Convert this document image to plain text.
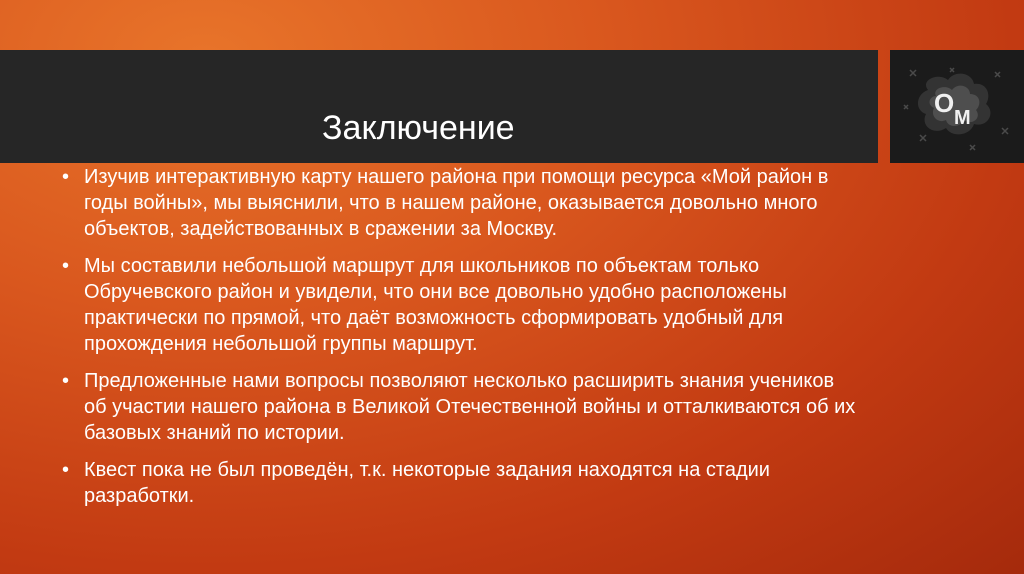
Заключение
O M
• Изучив интерактивную карту нашего района при помощи ресурса «Мой район в годы войны», мы выяснили, что в нашем районе, оказывается довольно много объектов, задействованных в сражении за Москву.
• Мы составили небольшой маршрут для школьников по объектам только Обручевского район и увидели, что они все довольно удобно расположены практически по прямой, что даёт возможность сформировать удобный для прохождения небольшой группы маршрут.
• Предложенные нами вопросы позволяют несколько расширить знания учеников об участии нашего района в Великой Отечественной войны и отталкиваются об их базовых знаний по истории.
• Квест пока не был проведён, т.к. некоторые задания находятся на стадии разработки.
